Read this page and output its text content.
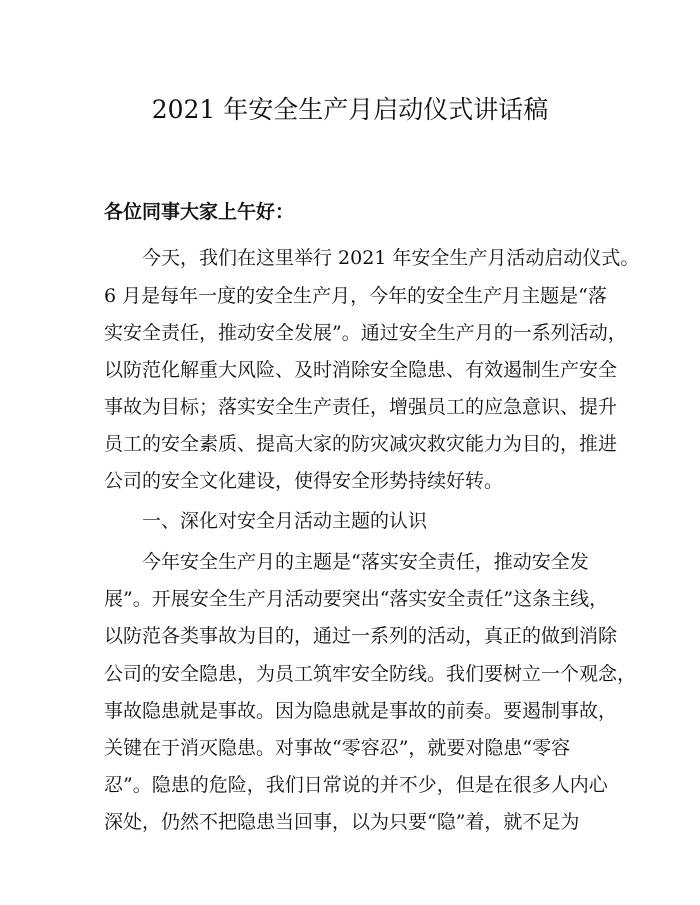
2021 年安全生产月启动仪式讲话稿
各位同事大家上午好：
今天，我们在这里举行 2021 年安全生产月活动启动仪式。
6 月是每年一度的安全生产月，今年的安全生产月主题是“落
实安全责任，推动安全发展”。通过安全生产月的一系列活动，
以防范化解重大风险、及时消除安全隐患、有效遏制生产安全
事故为目标；落实安全生产责任，增强员工的应急意识、提升
员工的安全素质、提高大家的防灾减灾救灾能力为目的，推进
公司的安全文化建设，使得安全形势持续好转。
一、深化对安全月活动主题的认识
今年安全生产月的主题是“落实安全责任，推动安全发
展”。开展安全生产月活动要突出“落实安全责任”这条主线，
以防范各类事故为目的，通过一系列的活动，真正的做到消除
公司的安全隐患，为员工筑牢安全防线。我们要树立一个观念，
事故隐患就是事故。因为隐患就是事故的前奏。要遏制事故，
关键在于消灭隐患。对事故“零容忍”，就要对隐患“零容
忍”。隐患的危险，我们日常说的并不少，但是在很多人内心
深处，仍然不把隐患当回事，以为只要“隐”着，就不足为
